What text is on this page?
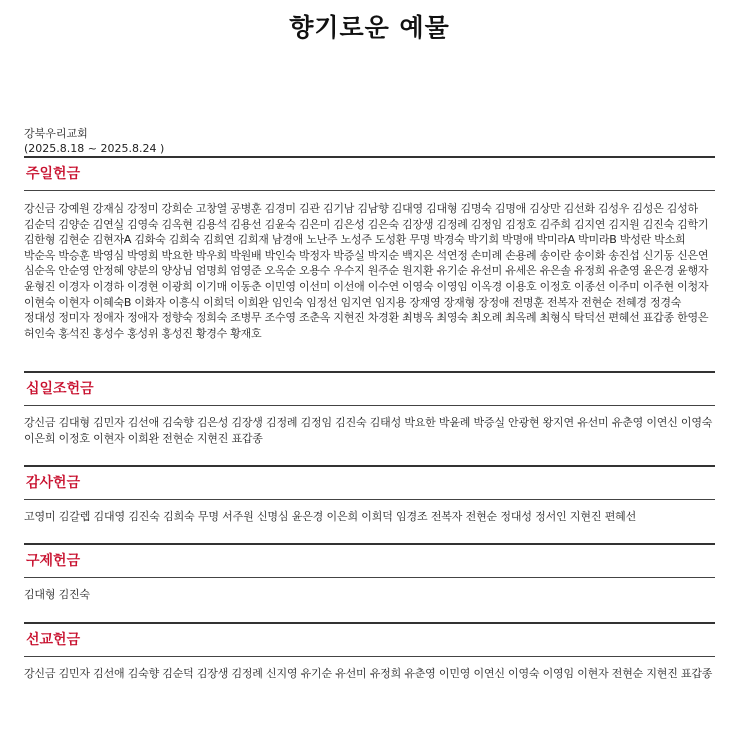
향기로운 예물
강북우리교회
(2025.8.18 ~ 2025.8.24 )
주일헌금
강신금 강예원 강재심 강정미 강희순 고창열 공병훈 김경미 김관 김기남 김남향 김대영 김대형 김명숙 김명애 김상만 김선화 김성우 김성은 김성하 김순덕 김양순 김연실 김영숙 김옥현 김용석 김용선 김윤숙 김은미 김은성 김은숙 김장생 김정례 김정임 김정호 김주희 김지연 김지원 김진숙 김학기 김한형 김현순 김현자A 김화숙 김희숙 김희연 김희재 남경애 노난주 노성주 도성환 무명 박경숙 박기희 박명애 박미라A 박미라B 박성란 박소희 박순옥 박승훈 박영심 박영희 박요한 박우희 박원배 박인숙 박정자 박증실 박지순 백지은 석연정 손미례 손용례 송이란 송이화 송진섭 신기동 신은연 심순옥 안순영 안정혜 양분의 양상님 엄명희 엄영준 오옥순 오용수 우수지 원주순 원지환 유기순 유선미 유세은 유은솔 유정희 유춘영 윤은경 윤행자 윤형진 이경자 이경하 이경현 이광희 이기매 이동춘 이민영 이선미 이선애 이수연 이영숙 이영임 이옥경 이용호 이정호 이종선 이주미 이주현 이청자 이현숙 이현자 이혜숙B 이화자 이흥식 이희덕 이희완 임인숙 임정선 임지연 임지용 장재영 장재형 장정애 전명훈 전복자 전현순 전혜경 정경숙 정대성 정미자 정애자 정애자 정향숙 정희숙 조병무 조수영 조춘옥 지현진 차경환 최병옥 최영숙 최오례 최옥례 최형식 탁덕선 편혜선 표갑종 한영은 허인숙 홍석진 홍성수 홍성위 홍성진 황경수 황재호
십일조헌금
강신금 김대형 김민자 김선애 김숙향 김은성 김장생 김정례 김정임 김진숙 김태성 박요한 박윤례 박증실 안광현 왕지연 유선미 유춘영 이연신 이영숙 이은희 이정호 이현자 이희완 전현순 지현진 표갑종
감사헌금
고영미 김갈렙 김대영 김진숙 김희숙 무명 서주원 신명심 윤은경 이은희 이희덕 임경조 전복자 전현순 정대성 정서인 지현진 편혜선
구제헌금
김대형 김진숙
선교헌금
강신금 김민자 김선애 김숙향 김순덕 김장생 김정례 신지영 유기순 유선미 유정희 유춘영 이민영 이연신 이영숙 이영임 이현자 전현순 지현진 표갑종
